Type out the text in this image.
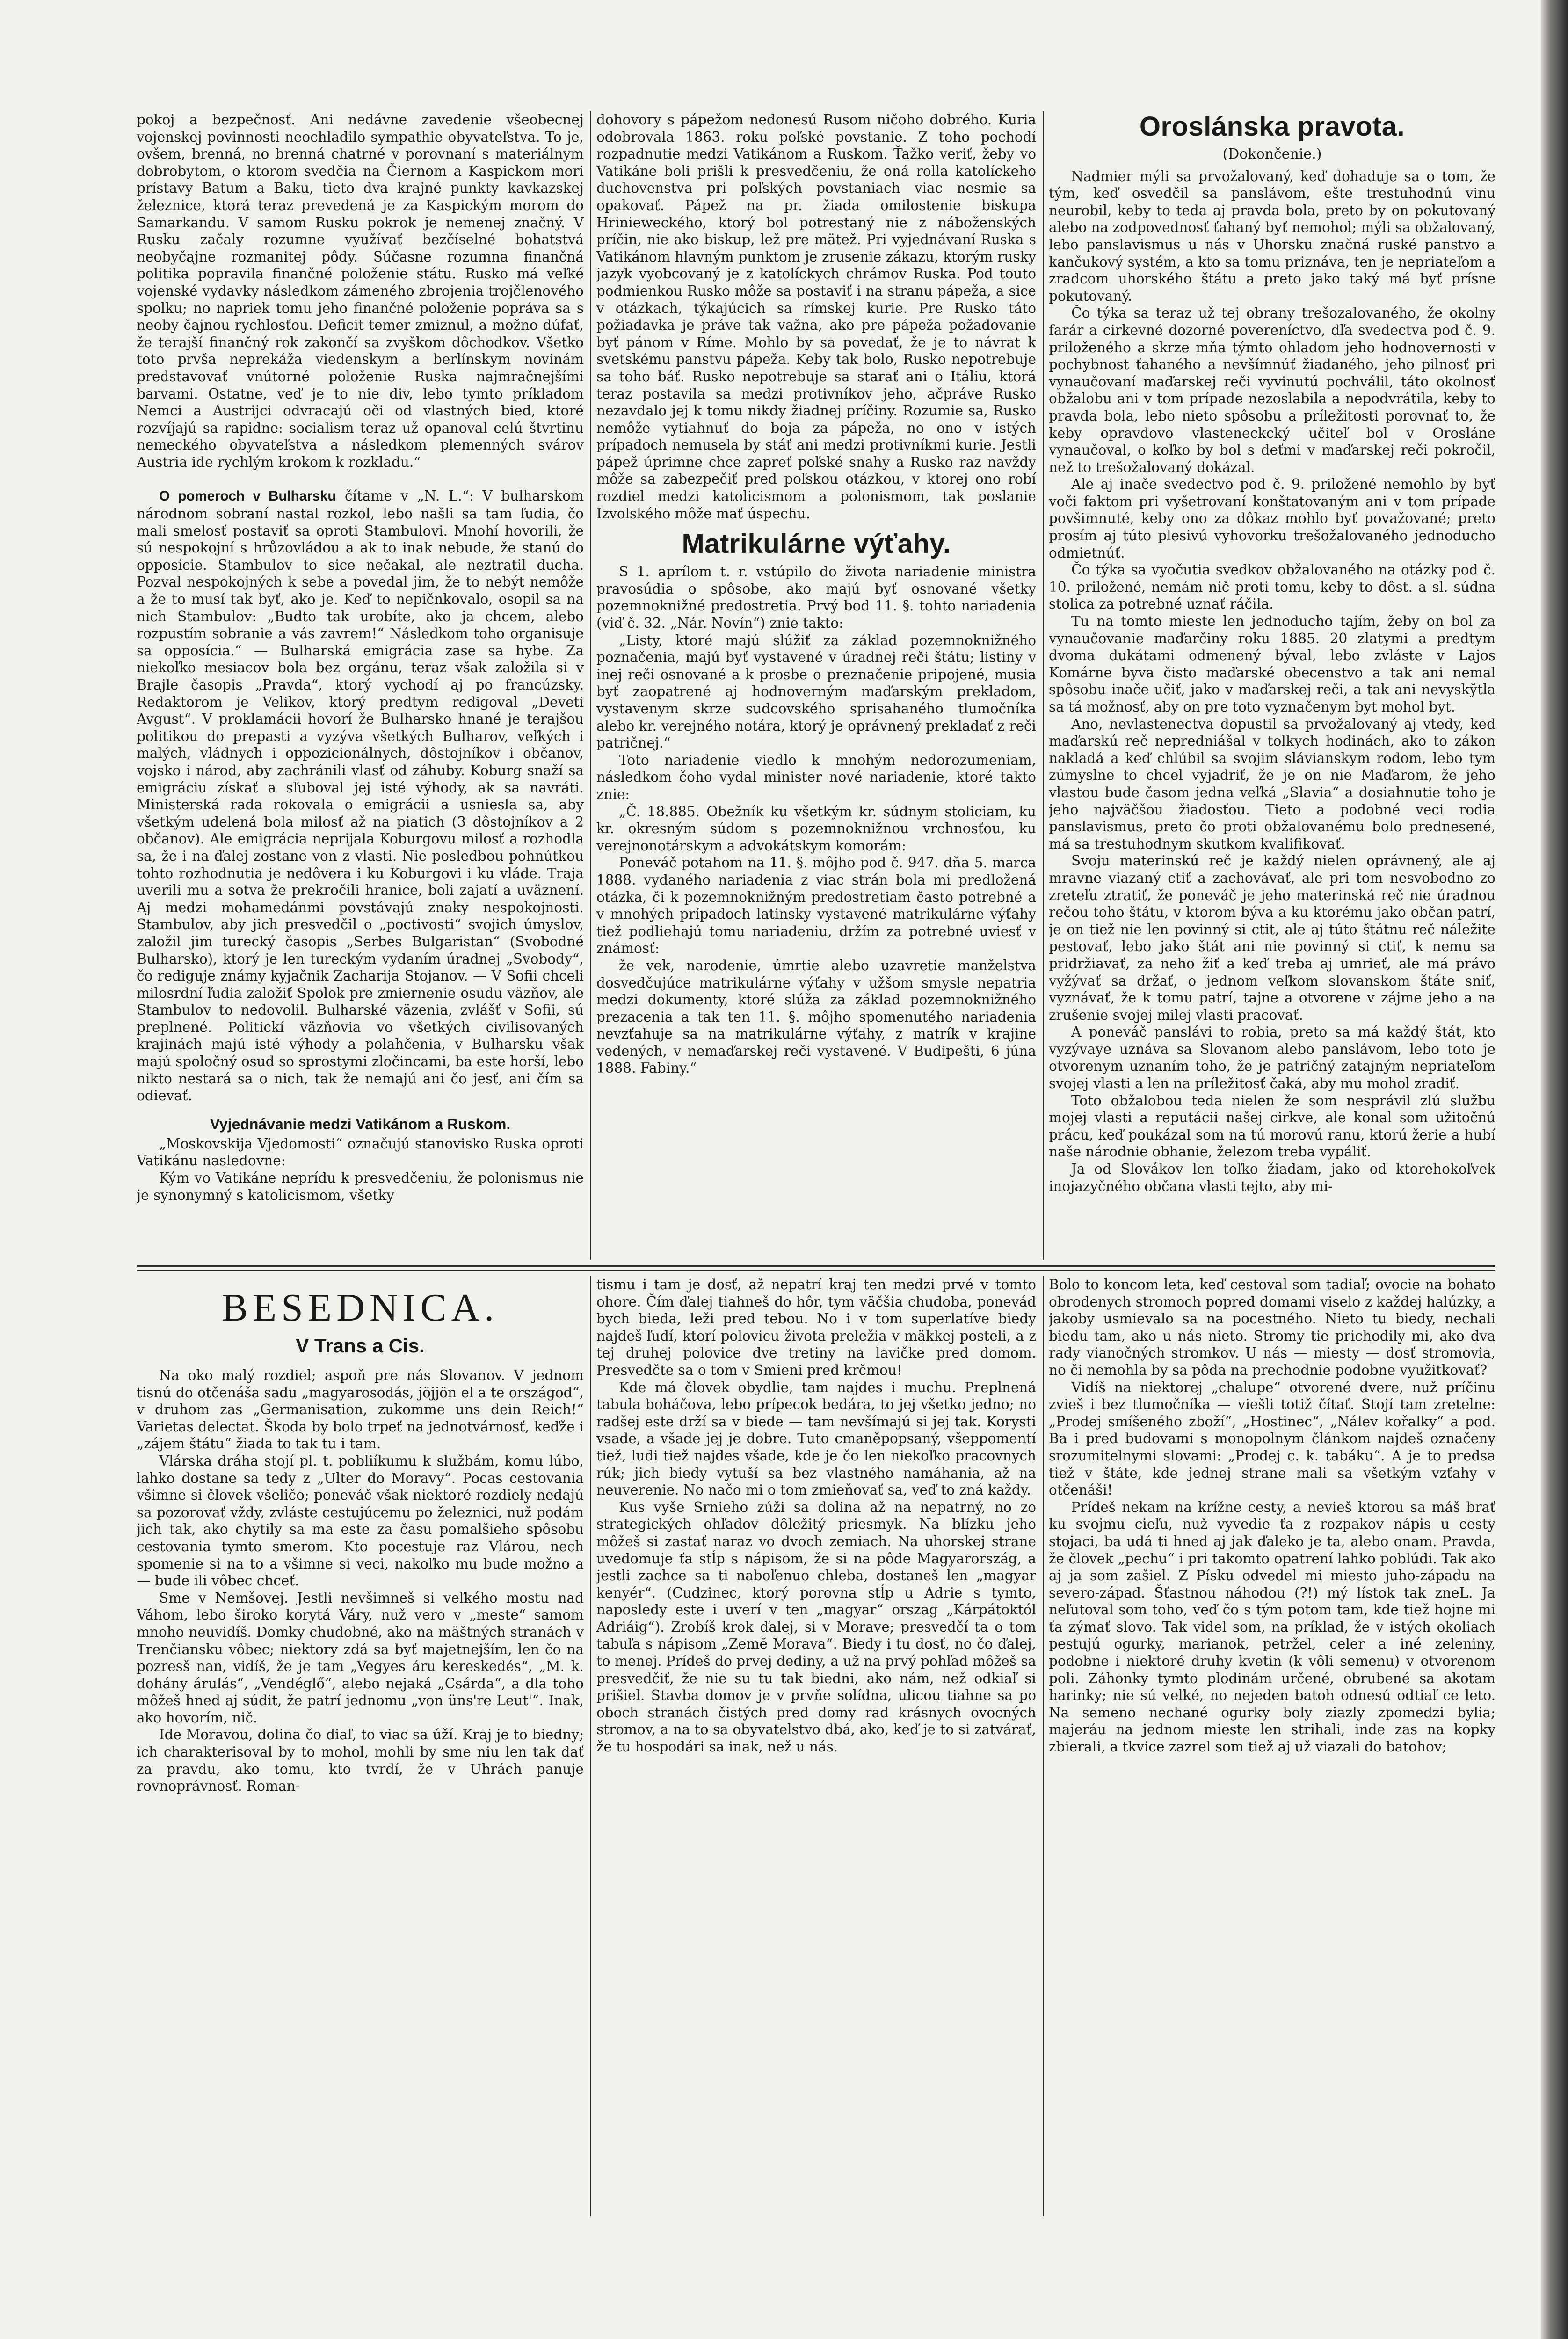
pokoj a bezpečnosť. Ani nedávne zavedenie všeobecnej vojenskej povinnosti neochladilo sympathie obyvateľstva. To je, ovšem, brenná, no brenná chatrné v porovnaní s materiálnym dobrobytom, o ktorom svedčia na Čiernom a Kaspickom mori prístavy Batum a Baku, tieto dva krajné punkty kavkazskej železnice, ktorá teraz prevedená je za Kaspickým morom do Samarkandu. V samom Rusku pokrok je nemenej značný. V Rusku začaly rozumne využívať bezčíselné bohatstvá neobyčajne rozmanitej pôdy. Súčasne rozumna finančná politika popravila finančné položenie státu. Rusko má veľké vojenské vydavky následkom zámeného zbrojenia trojčlenového spolku; no napriek tomu jeho finančné položenie popráva sa s neoby čajnou rychlosťou. Deficit temer zmiznul, a možno dúfať, že terajší finančný rok zakončí sa zvyškom dôchodkov. Všetko toto prvša neprekáža viedenskym a berlínskym novinám predstavovať vnútorné položenie Ruska najmračnejšími barvami. Ostatne, veď je to nie div, lebo tymto príkladom Nemci a Austrijci odvracajú oči od vlastných bied, ktoré rozvíjajú sa rapidne: socialism teraz už opanoval celú štvrtinu nemeckého obyvateľstva a následkom plemenných svárov Austria ide rychlým krokom k rozkladu.“

O pomeroch v Bulharsku čítame v „N. L.“: V bulharskom národnom sobraní nastal rozkol, lebo našli sa tam ľudia, čo mali smelosť postaviť sa oproti Stambulovi. Mnohí hovorili, že sú nespokojní s hrůzovládou a ak to inak nebude, že stanú do opposície. Stambulov to sice nečakal, ale neztratil ducha. Pozval nespokojných k sebe a povedal jim, že to nebýt nemôže a že to musí tak byť, ako je. Keď to nepičnkovalo, osopil sa na nich Stambulov: „Budto tak urobíte, ako ja chcem, alebo rozpustím sobranie a vás zavrem!“ Následkom toho organisuje sa opposícia.“ — Bulharská emigrácia zase sa hybe. Za niekoľko mesiacov bola bez orgánu, teraz však založila si v Brajle časopis „Pravda“, ktorý vychodí aj po francúzsky. Redaktorom je Velikov, ktorý predtym redigoval „Deveti Avgust“. V proklamácii hovorí že Bulharsko hnané je terajšou politikou do prepasti a vyzýva všetkých Bulharov, veľkých i malých, vládnych i oppozicionálnych, dôstojníkov i občanov, vojsko i národ, aby zachránili vlasť od záhuby. Koburg snaží sa emigráciu získať a sľuboval jej isté výhody, ak sa navráti. Ministerská rada rokovala o emigrácii a usniesla sa, aby všetkým udelená bola milosť až na piatich (3 dôstojníkov a 2 občanov). Ale emigrácia neprijala Koburgovu milosť a rozhodla sa, že i na ďalej zostane von z vlasti. Nie posledbou pohnútkou tohto rozhodnutia je nedôvera i ku Koburgovi i ku vláde. Traja uverili mu a sotva že prekročili hranice, boli zajatí a uväznení. Aj medzi mohamedánmi povstávajú znaky nespokojnosti. Stambulov, aby jich presvedčil o „poctivosti“ svojich úmyslov, založil jim turecký časopis „Serbes Bulgaristan“ (Svobodné Bulharsko), ktorý je len tureckým vydaním úradnej „Svobody“, čo rediguje známy kyjačnik Zacharija Stojanov. — V Sofii chceli milosrdní ľudia založiť Spolok pre zmiernenie osudu väzňov, ale Stambulov to nedovolil. Bulharské väzenia, zvlášť v Sofii, sú preplnené. Politickí väzňovia vo všetkých civilisovaných krajinách majú isté výhody a polahčenia, v Bulharsku však majú spoločný osud so sprostymi zločincami, ba este horší, lebo nikto nestará sa o nich, tak že nemajú ani čo jesť, ani čím sa odievať.

Vyjednávanie medzi Vatikánom a Ruskom.

„Moskovskija Vjedomosti“ označujú stanovisko Ruska oproti Vatikánu nasledovne:

Kým vo Vatikáne neprídu k presvedčeniu, že polonismus nie je synonymný s katolicismom, všetky

dohovory s pápežom nedonesú Rusom ničoho dobrého. Kuria odobrovala 1863. roku poľské povstanie. Z toho pochodí rozpadnutie medzi Vatikánom a Ruskom. Ťažko veriť, žeby vo Vatikáne boli prišli k presvedčeniu, že oná rolla katolíckeho duchovenstva pri poľských povstaniach viac nesmie sa opakovať. Pápež na pr. žiada omilostenie biskupa Hrinieweckého, ktorý bol potrestaný nie z náboženských príčin, nie ako biskup, lež pre mätež. Pri vyjednávaní Ruska s Vatikánom hlavným punktom je zrusenie zákazu, ktorým rusky jazyk vyobcovaný je z katolíckych chrámov Ruska. Pod touto podmienkou Rusko môže sa postaviť i na stranu pápeža, a sice v otázkach, týkajúcich sa rímskej kurie. Pre Rusko táto požiadavka je práve tak važna, ako pre pápeža požadovanie byť pánom v Ríme. Mohlo by sa povedať, že je to návrat k svetskému panstvu pápeža. Keby tak bolo, Rusko nepotrebuje sa toho báť. Rusko nepotrebuje sa starať ani o Itáliu, ktorá teraz postavila sa medzi protivníkov jeho, ačpráve Rusko nezavdalo jej k tomu nikdy žiadnej príčiny. Rozumie sa, Rusko nemôže vytiahnuť do boja za pápeža, no ono v istých prípadoch nemusela by stáť ani medzi protivníkmi kurie. Jestli pápež úprimne chce zapreť poľské snahy a Rusko raz navždy môže sa zabezpečiť pred poľskou otázkou, v ktorej ono robí rozdiel medzi katolicismom a polonismom, tak poslanie Izvolského môže mať úspechu.

Matrikulárne výťahy.

S 1. aprílom t. r. vstúpilo do života nariadenie ministra pravosúdia o spôsobe, ako majú byť osnované všetky pozemnoknižné predostretia. Prvý bod 11. §. tohto nariadenia (viď č. 32. „Nár. Novín“) znie takto:

„Listy, ktoré majú slúžiť za základ pozemnoknižného poznačenia, majú byť vystavené v úradnej reči štátu; listiny v inej reči osnované a k prosbe o preznačenie pripojené, musia byť zaopatrené aj hodnoverným maďarským prekladom, vystavenym skrze sudcovského sprisahaného tlumočníka alebo kr. verejného notára, ktorý je oprávnený prekladať z reči patričnej.“

Toto nariadenie viedlo k mnohým nedorozumeniam, následkom čoho vydal minister nové nariadenie, ktoré takto znie:

„Č. 18.885. Obežník ku všetkým kr. súdnym stoliciam, ku kr. okresným súdom s pozemnoknižnou vrchnosťou, ku verejnonotárskym a advokátskym komorám:

Poneváč potahom na 11. §. môjho pod č. 947. dňa 5. marca 1888. vydaného nariadenia z viac strán bola mi predložená otázka, či k pozemnoknižným predostretiam často potrebné a v mnohých prípadoch latinsky vystavené matrikulárne výťahy tiež podliehajú tomu nariadeniu, držím za potrebné uviesť v známosť:

že vek, narodenie, úmrtie alebo uzavretie manželstva dosvedčujúce matrikulárne výťahy v užšom smysle nepatria medzi dokumenty, ktoré slúža za základ pozemnoknižného prezacenia a tak ten 11. §. môjho spomenutého nariadenia nevzťahuje sa na matrikulárne výťahy, z matrík v krajine vedených, v nemaďarskej reči vystavené. V Budipešti, 6 júna 1888. Fabiny.“

Oroslánska pravota.
(Dokončenie.)

Nadmier mýli sa prvožalovaný, keď dohaduje sa o tom, že tým, keď osvedčil sa panslávom, ešte trestuhodnú vinu neurobil, keby to teda aj pravda bola, preto by on pokutovaný alebo na zodpovednosť ťahaný byť nemohol; mýli sa obžalovaný, lebo panslavismus u nás v Uhorsku značná ruské panstvo a kančukový systém, a kto sa tomu priznáva, ten je nepriateľom a zradcom uhorského štátu a preto jako taký má byť prísne pokutovaný.

Čo týka sa teraz už tej obrany trešozalovaného, že okolny farár a cirkevné dozorné povereníctvo, dľa svedectva pod č. 9. priloženého a skrze mňa týmto ohladom jeho hodnovernosti v pochybnost ťahaného a nevšímnúť žiadaného, jeho pilnosť pri vynaučovaní maďarskej reči vyvinutú pochválil, táto okolnosť obžalobu ani v tom prípade nezoslabila a nepodvrátila, keby to pravda bola, lebo nieto spôsobu a príležitosti porovnať to, že keby opravdovo vlasteneckcký učiteľ bol v Orosláne vynaučoval, o koľko by bol s deťmi v maďarskej reči pokročil, než to trešožalovaný dokázal.

Ale aj inače svedectvo pod č. 9. priložené nemohlo by byť voči faktom pri vyšetrovaní konštatovaným ani v tom prípade povšimnuté, keby ono za dôkaz mohlo byť považované; preto prosím aj túto plesivú vyhovorku trešožalovaného jednoducho odmietnúť.

Čo týka sa vyočutia svedkov obžalovaného na otázky pod č. 10. priložené, nemám nič proti tomu, keby to dôst. a sl. súdna stolica za potrebné uznať ráčila.

Tu na tomto mieste len jednoducho tajím, žeby on bol za vynaučovanie maďarčiny roku 1885. 20 zlatymi a predtym dvoma dukátami odmenený býval, lebo zvláste v Lajos Komárne byva čisto maďarské obecenstvo a tak ani nemal spôsobu inače učiť, jako v maďarskej reči, a tak ani nevysky̆tla sa tá možnosť, aby on pre toto vyznačenym byt mohol byt.

Ano, nevlastenectva dopustil sa prvožalovaný aj vtedy, keď maďarskú reč nepredniášal v tolkych hodinách, ako to zákon nakladá a keď chlúbil sa svojim slávianskym rodom, lebo tym zúmyslne to chcel vyjadriť, že je on nie Maďarom, že jeho vlastou bude časom jedna veľká „Slavia“ a dosiahnutie toho je jeho najväčšou žiadosťou. Tieto a podobné veci rodia panslavismus, preto čo proti obžalovanému bolo prednesené, má sa trestuhodnym skutkom kvalifikovať.

Svoju materinskú reč je každý nielen oprávnený, ale aj mravne viazaný ctiť a zachovávať, ale pri tom nesvobodno zo zreteľu ztratiť, že poneváč je jeho materinská reč nie úradnou rečou toho štátu, v ktorom býva a ku ktorému jako občan patrí, je on tiež nie len povinný si ctit, ale aj túto štátnu reč náležite pestovať, lebo jako štát ani nie povinný si ctiť, k nemu sa pridržiavať, za neho žiť a keď treba aj umrieť, ale má právo vyžývať sa držať, o jednom veľkom slovanskom štáte sniť, vyznávať, že k tomu patrí, tajne a otvorene v zájme jeho a na zrušenie svojej milej vlasti pracovať.

A poneváč panslávi to robia, preto sa má každý štát, kto vyzývaye uznáva sa Slovanom alebo panslávom, lebo toto je otvorenym uznaním toho, že je patričný zatajným nepriateľom svojej vlasti a len na príležitosť čaká, aby mu mohol zradiť.

Toto obžalobou teda nielen že som nesprávil zlú službu mojej vlasti a reputácii našej cirkve, ale konal som užitočnú prácu, keď poukázal som na tú morovú ranu, ktorú žerie a hubí naše národnie obhanie, železom treba vypáliť.

Ja od Slovákov len toľko žiadam, jako od ktorehokoľvek inojazyčného občana vlasti tejto, aby mi-

BESEDNICA.
V Trans a Cis.

Na oko malý rozdiel; aspoň pre nás Slovanov. V jednom tisnú do otčenáša sadu „magyarosodás, jöjjön el a te országod“, v druhom zas „Germanisation, zukomme uns dein Reich!“ Varietas delectat. Škoda by bolo trpeť na jednotvárnosť, keďže i „zájem štátu“ žiada to tak tu i tam.

Vlárska dráha stojí pl. t. pobliíkumu k službám, komu lúbo, lahko dostane sa tedy z „Ulter do Moravy“. Pocas cestovania všimne si človek všeličo; poneváč však niektoré rozdiely nedajú sa pozorovať vždy, zvláste cestujúcemu po železnici, nuž podám jich tak, ako chytily sa ma este za času pomalšieho spôsobu cestovania tymto smerom. Kto pocestuje raz Vlárou, nech spomenie si na to a všimne si veci, nakoľko mu bude možno a — bude ili vôbec chceť.

Sme v Nemšovej. Jestli nevšimneš si veľkého mostu nad Váhom, lebo široko korytá Váry, nuž vero v „meste“ samom mnoho neuvidíš. Domky chudobné, ako na mäštných stranách v Trenčiansku vôbec; niektory zdá sa byť majetnejším, len čo na pozresš nan, vidíš, že je tam „Vegyes áru kereskedés“, „M. k. dohány árulás“, „Vendéglő“, alebo nejaká „Csárda“, a dla toho môžeš hned aj súdit, že patrí jednomu „von üns're Leut'“. Inak, ako hovorím, nič.

Ide Moravou, dolina čo diaľ, to viac sa úží. Kraj je to biedny; ich charakterisoval by to mohol, mohli by sme niu len tak dať za pravdu, ako tomu, kto tvrdí, že v Uhrách panuje rovnoprávnosť. Roman-

tismu i tam je dosť, až nepatrí kraj ten medzi prvé v tomto ohore. Čím ďalej tiahneš do hôr, tym väčšia chudoba, ponevád bych bieda, leži pred tebou. No i v tom superlatíve biedy najdeš ľudí, ktorí polovicu života preležia v mäkkej posteli, a z tej druhej polovice dve tretiny na lavičke pred domom. Presvedčte sa o tom v Smieni pred krčmou!

Kde má človek obydlie, tam najdes i muchu. Preplnená tabula boháčova, lebo prípecok bedára, to jej všetko jedno; no radšej este drží sa v biede — tam nevšímajú si jej tak. Korysti vsade, a všade jej je dobre. Tuto cmaněpopsaný, všeppomentí tiež, ludi tiež najdes všade, kde je čo len niekoľko pracovnych rúk; jich biedy vytuší sa bez vlastného namáhania, až na neuverenie. No načo mi o tom zmieňovať sa, veď to zná každy.

Kus vyše Srnieho zúži sa dolina až na nepatrný, no zo strategických ohľadov dôležitý priesmyk. Na blízku jeho môžeš si zastať naraz vo dvoch zemiach. Na uhorskej strane uvedomuje ťa stĺp s nápisom, že si na pôde Magyarország, a jestli zachce sa ti naboľenuo chleba, dostaneš len „magyar kenyér“. (Cudzinec, ktorý porovna stĺp u Adrie s tymto, naposledy este i uverí v ten „magyar“ orszag „Kárpátoktól Adriáig“). Zrobíš krok ďalej, si v Morave; presvedčí ta o tom tabuľa s nápisom „Zemĕ Morava“. Biedy i tu dosť, no čo ďalej, to menej. Prídeš do prvej dediny, a už na prvý pohľad môžeš sa presvedčiť, že nie su tu tak biedni, ako nám, než odkiaľ si prišiel. Stavba domov je v prvňe solídna, ulicou tiahne sa po oboch stranách čistých pred domy rad krásnych ovocných stromov, a na to sa obyvatelstvo dbá, ako, keď je to si zatvárať, že tu hospodári sa inak, než u nás.

Bolo to koncom leta, keď cestoval som tadiaľ; ovocie na bohato obrodenych stromoch popred domami viselo z každej halúzky, a jakoby usmievalo sa na pocestného. Nieto tu biedy, nechali biedu tam, ako u nás nieto. Stromy tie prichodily mi, ako dva rady vianočných stromkov. U nás — miesty — dosť stromovia, no či nemohla by sa pôda na prechodnie podobne využitkovať?

Vidíš na niektorej „chalupe“ otvorené dvere, nuž príčinu zvieš i bez tlumočníka — viešli totiž čítať. Stojí tam zretelne: „Prodej smíšeného zboží“, „Hostinec“, „Nálev kořalky“ a pod. Ba i pred budovami s monopolnym článkom najdeš označeny srozumitelnymi slovami: „Prodej c. k. tabáku“. A je to predsa tiež v štáte, kde jednej strane mali sa všetkým vzťahy v otčenáši!

Prídeš nekam na krížne cesty, a nevieš ktorou sa máš brať ku svojmu cieľu, nuž vyvedie ťa z rozpakov nápis u cesty stojaci, ba udá ti hned aj jak ďaleko je ta, alebo onam. Pravda, že človek „pechu“ i pri takomto opatrení lahko poblúdi. Tak ako aj ja som zašiel. Z Písku odvedel mi miesto juho-západu na severo-západ. Šťastnou náhodou (?!) mý lístok tak zneL. Ja neľutoval som toho, veď čo s tým potom tam, kde tiež hojne mi ťa zýmať slovo. Tak videl som, na príklad, že v istých okoliach pestujú ogurky, marianok, petržel, celer a iné zeleniny, podobne i niektoré druhy kvetin (k vôli semenu) v otvorenom poli. Záhonky tymto plodinám určené, obrubené sa akotam harinky; nie sú veľké, no nejeden batoh odnesú odtiaľ ce leto. Na semeno nechané ogurky boly ziazly zpomedzi bylia; majeráu na jednom mieste len strihali, inde zas na kopky zbierali, a tkvice zazrel som tiež aj už viazali do batohov;
